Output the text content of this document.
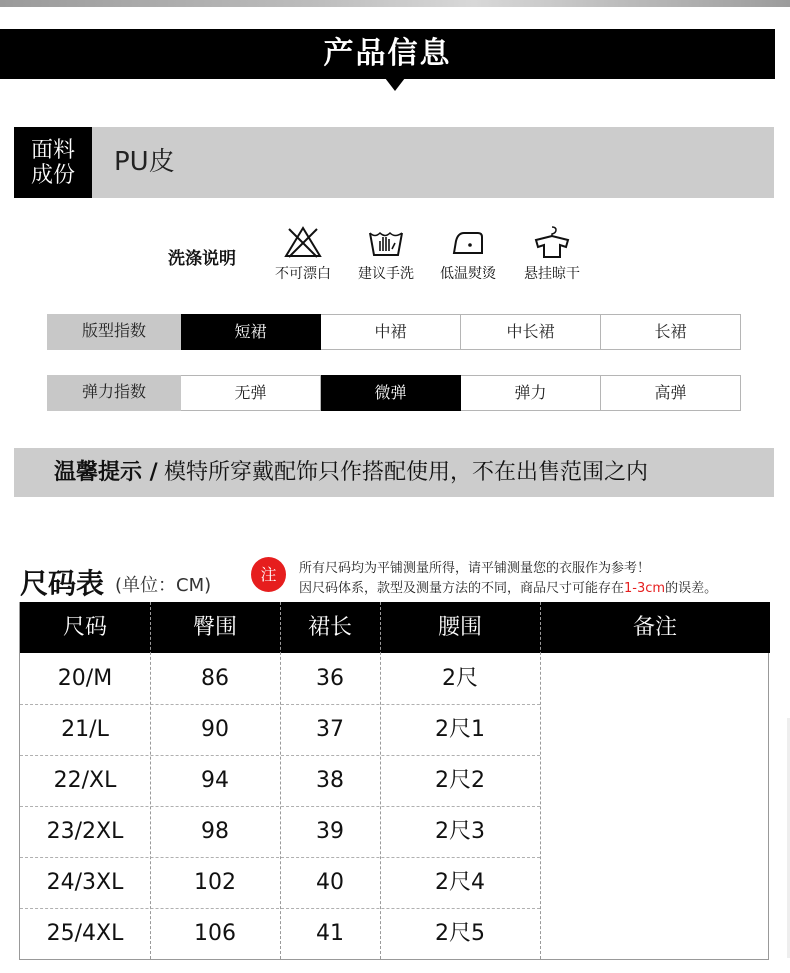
产品信息
面料
成份 PU皮
洗涤说明
不可漂白	建议手洗	低温熨烫	悬挂晾干
版型指数	短裙	中裙	中长裙	长裙
弹力指数	无弹	微弹	弹力	高弹
温馨提示 / 模特所穿戴配饰只作搭配使用，不在出售范围之内
尺码表 (单位：CM)
注	所有尺码均为平铺测量所得，请平铺测量您的衣服作为参考！
因尺码体系，款型及测量方法的不同，商品尺寸可能存在1-3cm的误差。
尺码	臀围	裙长	腰围	备注
20/M	86	36	2尺
21/L	90	37	2尺1
22/XL	94	38	2尺2
23/2XL	98	39	2尺3
24/3XL	102	40	2尺4
25/4XL	106	41	2尺5
